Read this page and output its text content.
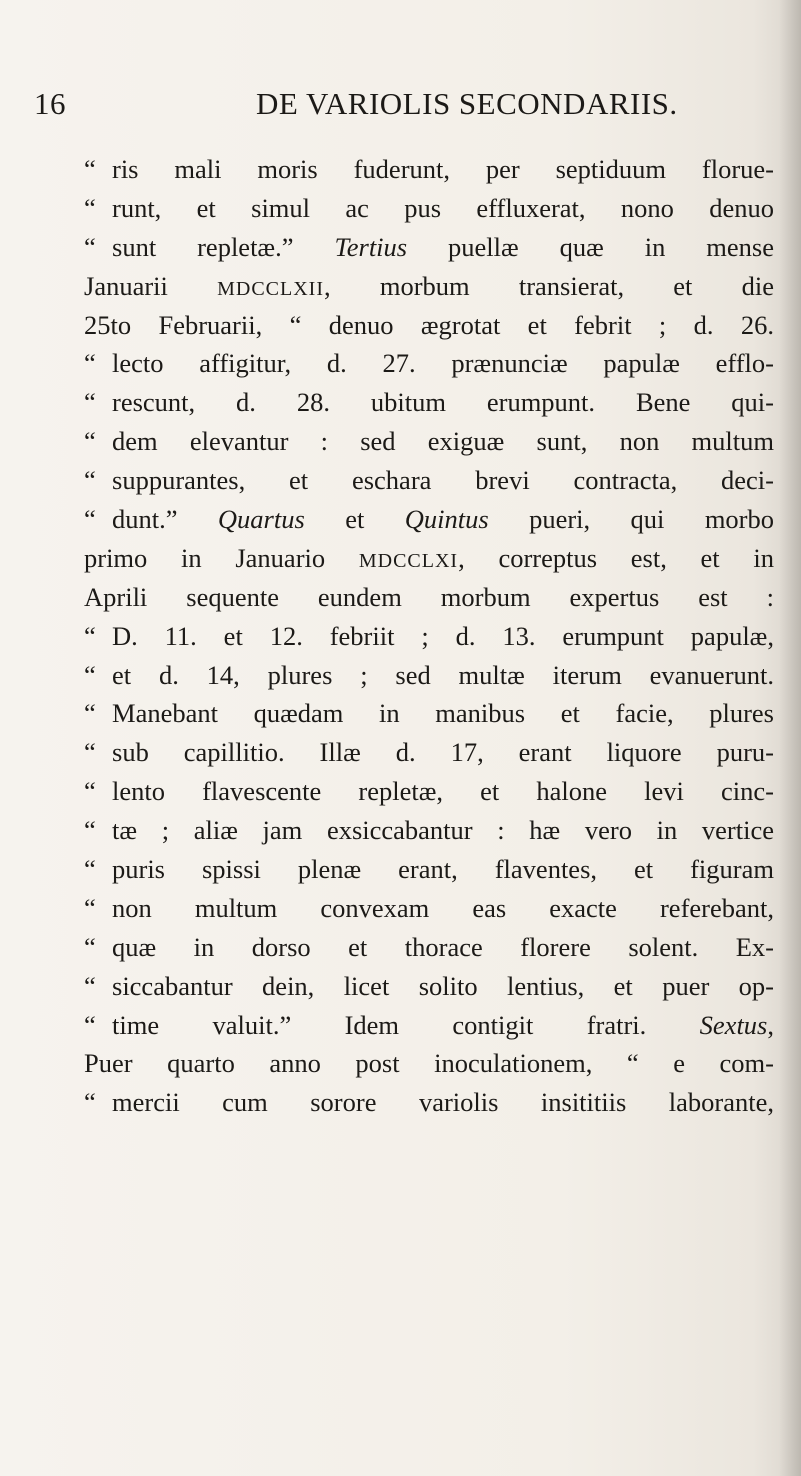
16	DE VARIOLIS SECONDARIIS.
“ ris mali moris fuderunt, per septiduum florue-
“ runt, et simul ac pus effluxerat, nono denuo
“ sunt repletæ.” Tertius puellæ quæ in mense
Januarii MDCCLXII, morbum transierat, et die
25to Februarii, “ denuo ægrotat et febrit ; d. 26.
“ lecto affigitur, d. 27. prænunciæ papulæ efflo-
“ rescunt, d. 28. ubitum erumpunt. Bene qui-
“ dem elevantur : sed exiguæ sunt, non multum
“ suppurantes, et eschara brevi contracta, deci-
“ dunt.” Quartus et Quintus pueri, qui morbo
primo in Januario MDCCLXI, correptus est, et in
Aprili sequente eundem morbum expertus est :
“ D. 11. et 12. febriit ; d. 13. erumpunt papulæ,
“ et d. 14, plures ; sed multæ iterum evanuerunt.
“ Manebant quædam in manibus et facie, plures
“ sub capillitio. Illæ d. 17, erant liquore puru-
“ lento flavescente repletæ, et halone levi cinc-
“ tæ ; aliæ jam exsiccabantur : hæ vero in vertice
“ puris spissi plenæ erant, flaventes, et figuram
“ non multum convexam eas exacte referebant,
“ quæ in dorso et thorace florere solent. Ex-
“ siccabantur dein, licet solito lentius, et puer op-
“ time valuit.” Idem contigit fratri. Sextus,
Puer quarto anno post inoculationem, “ e com-
“ mercii cum sorore variolis insititiis laborante,
